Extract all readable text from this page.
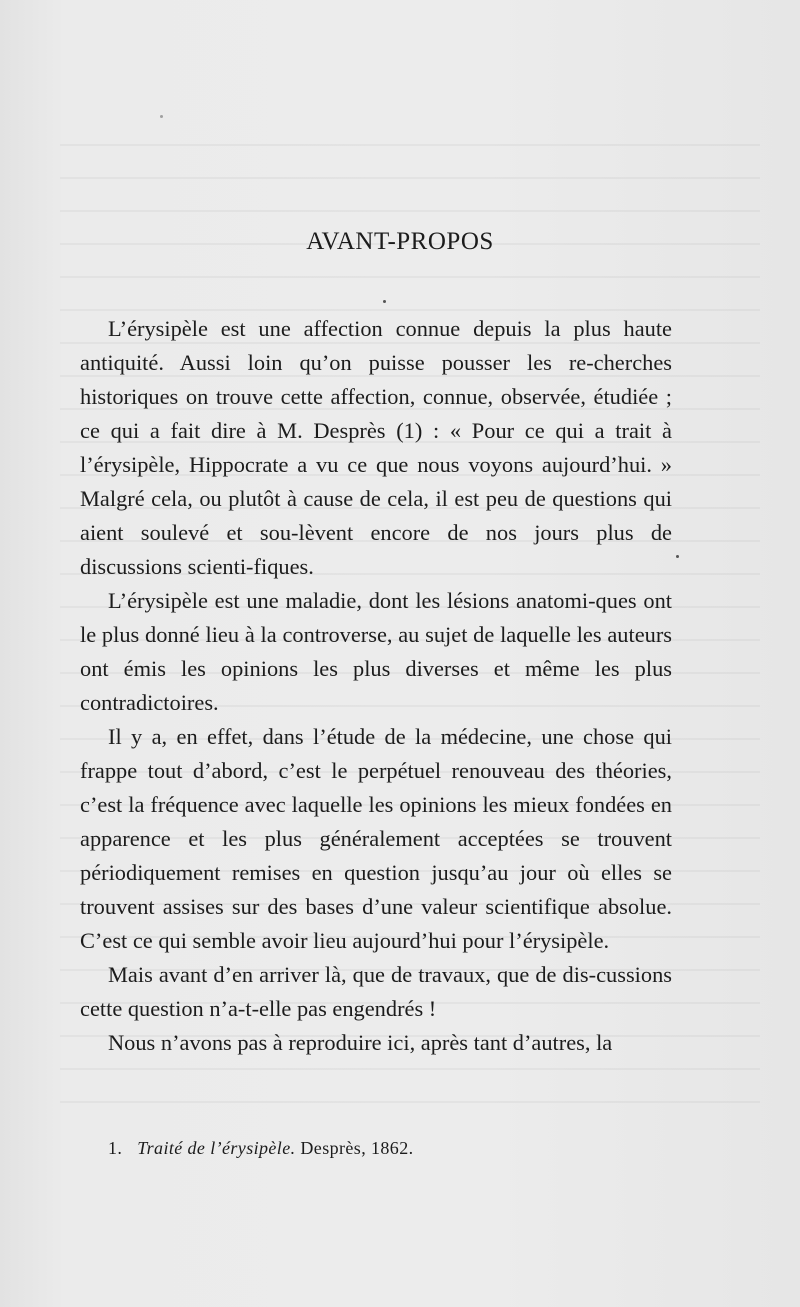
AVANT-PROPOS

L’érysipèle est une affection connue depuis la plus haute antiquité. Aussi loin qu’on puisse pousser les re-cherches historiques on trouve cette affection, connue, observée, étudiée ; ce qui a fait dire à M. Desprès (1) : « Pour ce qui a trait à l’érysipèle, Hippocrate a vu ce que nous voyons aujourd’hui. » Malgré cela, ou plutôt à cause de cela, il est peu de questions qui aient soulevé et sou-lèvent encore de nos jours plus de discussions scienti-fiques.

L’érysipèle est une maladie, dont les lésions anatomi-ques ont le plus donné lieu à la controverse, au sujet de laquelle les auteurs ont émis les opinions les plus diverses et même les plus contradictoires.

Il y a, en effet, dans l’étude de la médecine, une chose qui frappe tout d’abord, c’est le perpétuel renouveau des théories, c’est la fréquence avec laquelle les opinions les mieux fondées en apparence et les plus généralement acceptées se trouvent périodiquement remises en question jusqu’au jour où elles se trouvent assises sur des bases d’une valeur scientifique absolue. C’est ce qui semble avoir lieu aujourd’hui pour l’érysipèle.

Mais avant d’en arriver là, que de travaux, que de dis-cussions cette question n’a-t-elle pas engendrés !

Nous n’avons pas à reproduire ici, après tant d’autres, la

1. Traité de l’érysipèle. Desprès, 1862.
